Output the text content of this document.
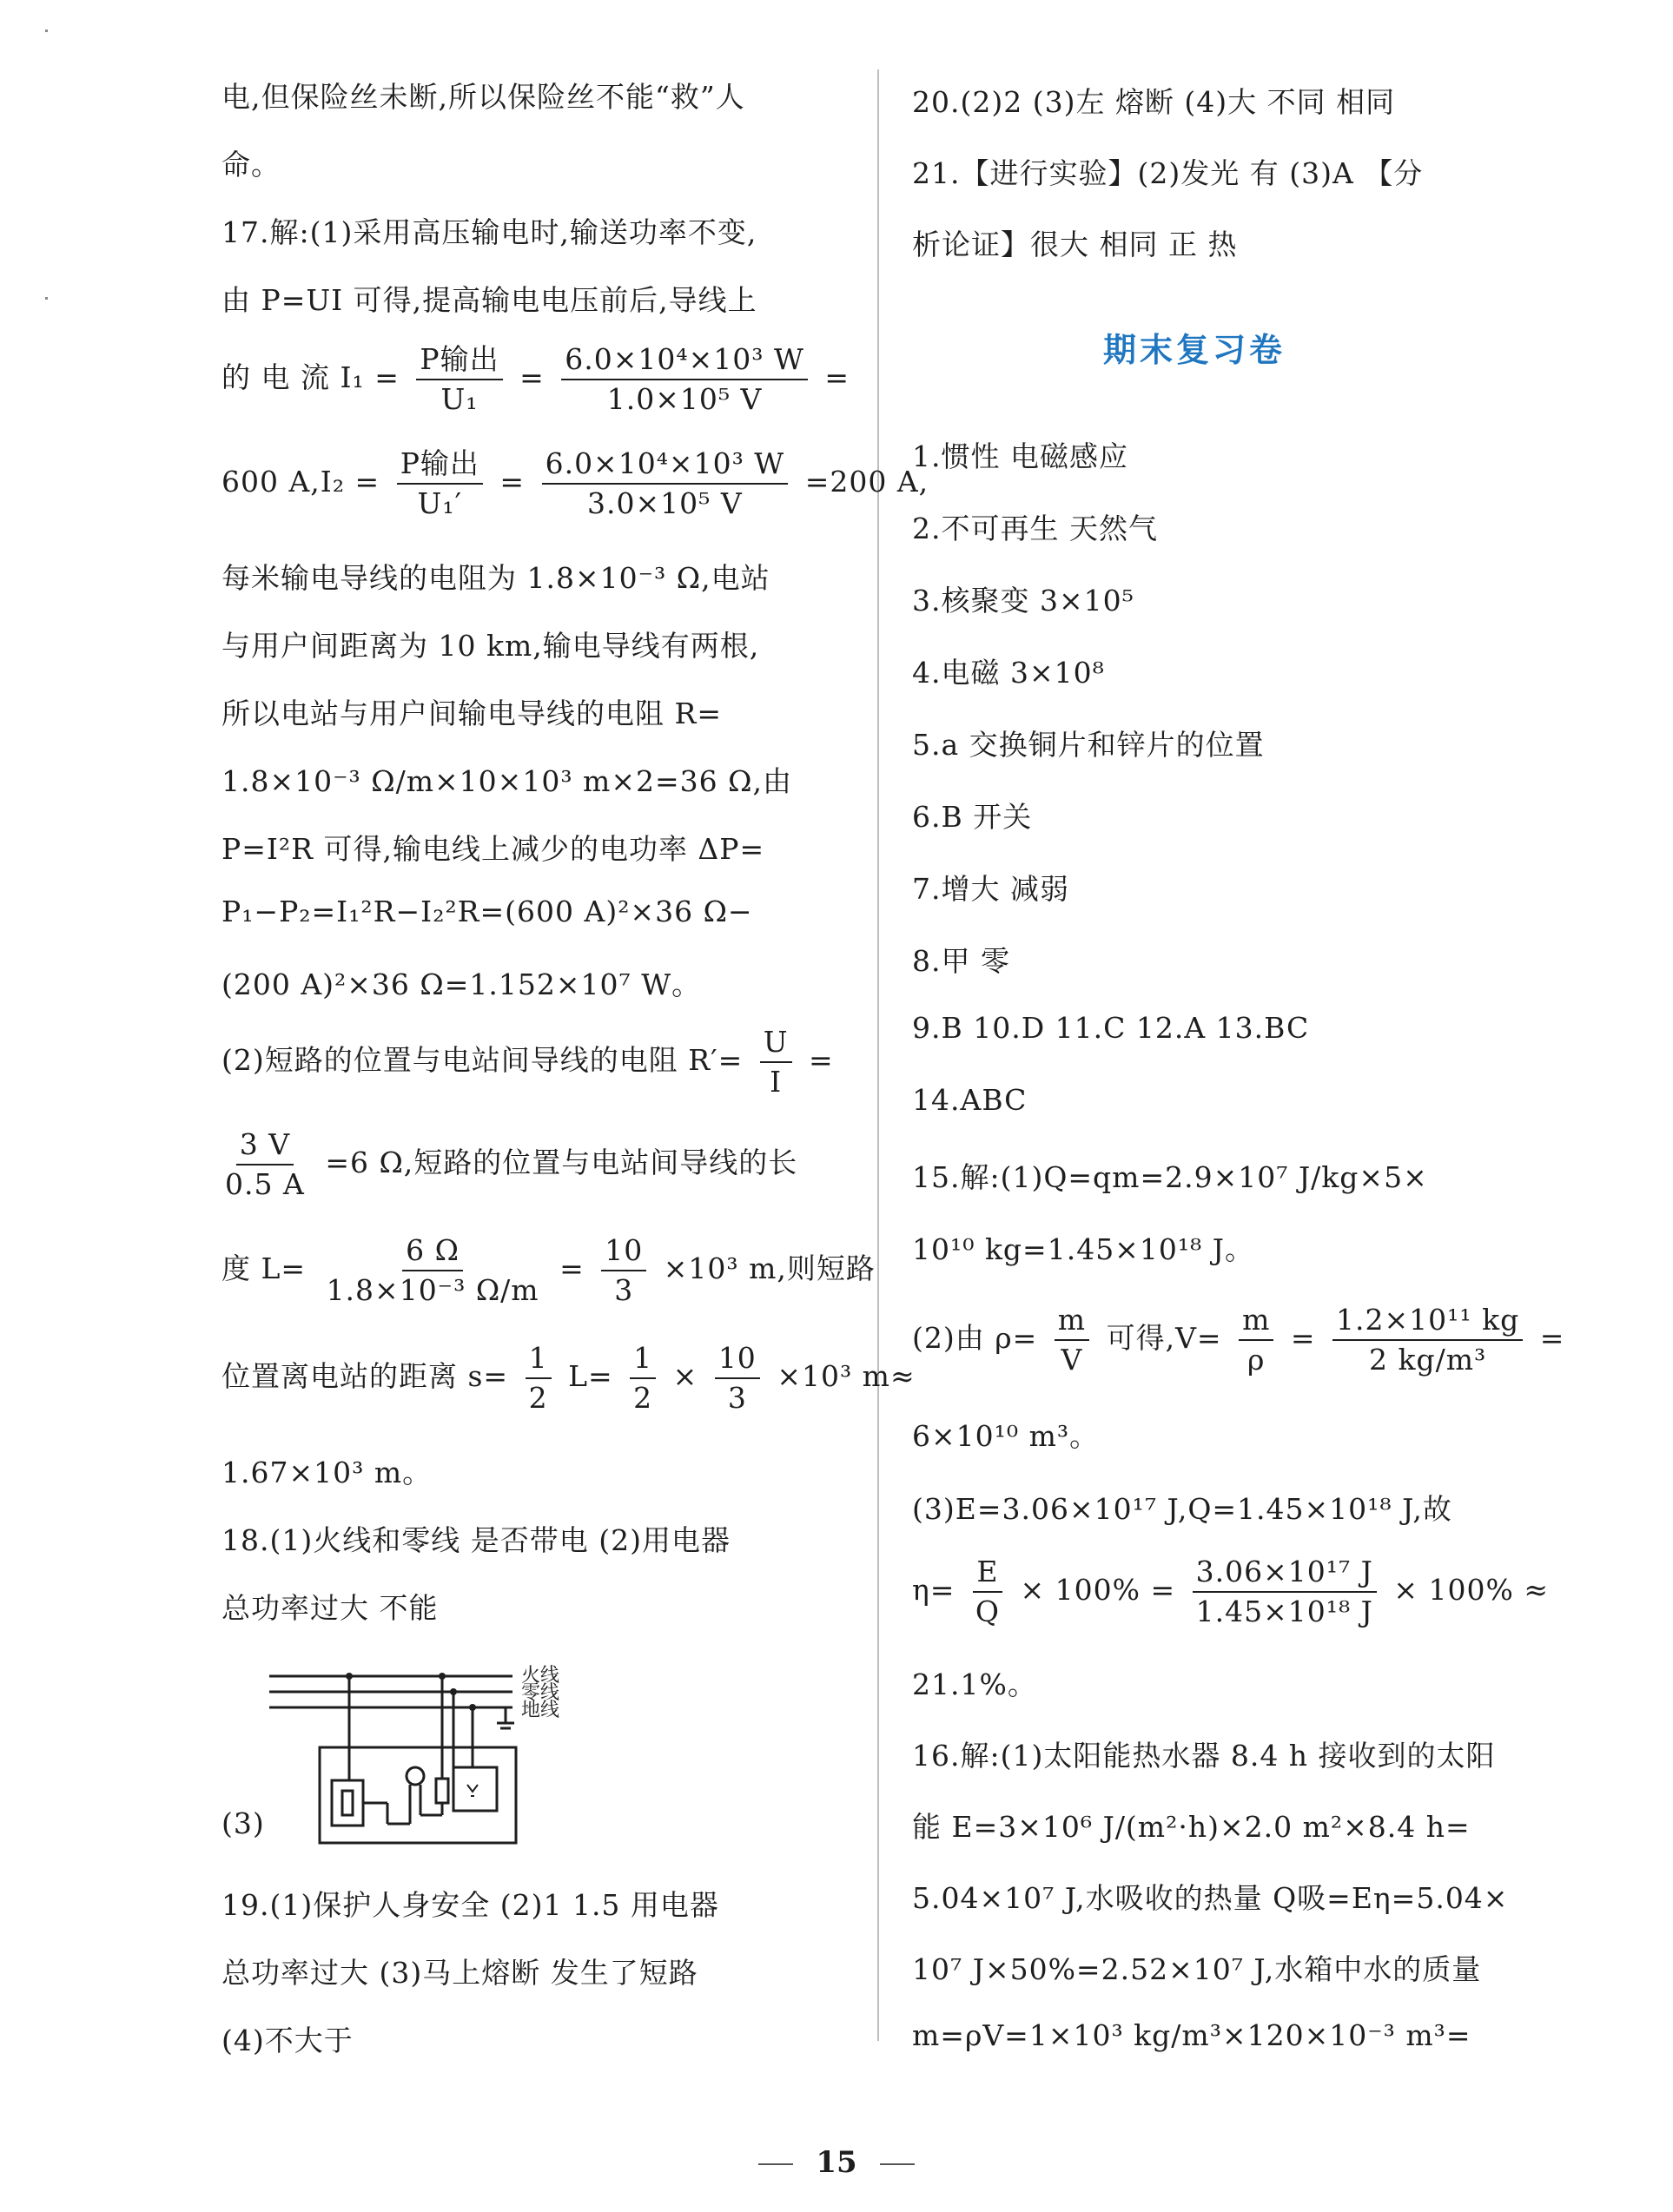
电,但保险丝未断,所以保险丝不能“救”人
命。
17.解:(1)采用高压输电时,输送功率不变,
由 P=UI 可得,提高输电电压前后,导线上
的 电 流 $I_1 = \frac{\text{P输出}}{\text{U₁}} = \frac{\text{6.0×10⁴×10³ W}}{\text{1.0×10⁵ V}}$ =
600 $A,I_2 = \frac{\text{P输出}}{\text{U₁′}} = \frac{\text{6.0×10⁴×10³ W}}{\text{3.0×10⁵ V}} =200$ A,
每米输电导线的电阻为 1.8×10⁻³ Ω,电站
与用户间距离为 10 km,输电导线有两根,
所以电站与用户间输电导线的电阻 R=
1.8×10⁻³ Ω/m×10×10³ m×2=36 Ω,由
P=I²R 可得,输电线上减少的电功率 ΔP=
P₁−P₂=I₁²R−I₂²R=(600 A)²×36 Ω−
(200 A)²×36 Ω=1.152×10⁷ W。
(2)短路的位置与电站间导线的电阻 $R'= \frac{U}{I}$ =
$\frac{3 V}{0.5 A} =6$ Ω,短路的位置与电站间导线的长
度 $L= \frac{6 \Omega}{\text{1.8×10⁻³ Ω/m}} = \frac{10}{3} \times 10^3$ m,则短路
位置离电站的距离 $s= \frac{1}{2} L= \frac{1}{2} \times \frac{10}{3} \times 10^3$ m≈
1.67×10³ m。
18.(1)火线和零线 是否带电 (2)用电器
总功率过大 不能
(3)
19.(1)保护人身安全 (2)1 1.5 用电器
总功率过大 (3)马上熔断 发生了短路
(4)不大于
火线
零线
地线
20.(2)2 (3)左 熔断 (4)大 不同 相同
21.【进行实验】(2)发光 有 (3)A 【分
析论证】很大 相同 正 热
期末复习卷
1.惯性 电磁感应
2.不可再生 天然气
3.核聚变 3×10⁵
4.电磁 3×10⁸
5.a 交换铜片和锌片的位置
6.B 开关
7.增大 减弱
8.甲 零
9.B 10.D 11.C 12.A 13.BC
14.ABC
15.解:(1)Q=qm=2.9×10⁷ J/kg×5×
10¹⁰ kg=1.45×10¹⁸ J。
(2)由 $\rho= \frac{m}{V}$ 可得$,V= \frac{m}{\rho} = \frac{\text{1.2×10¹¹ kg}}{\text{2 kg/m³}}$ =
6×10¹⁰ m³。
(3)E=3.06×10¹⁷ J,Q=1.45×10¹⁸ J,故
$\eta= \frac{E}{Q} \times 100\% = \frac{\text{3.06×10¹⁷ J}}{\text{1.45×10¹⁸ J}} \times 100\%$ ≈
21.1%。
16.解:(1)太阳能热水器 8.4 h 接收到的太阳
能 E=3×10⁶ J/(m²·h)×2.0 m²×8.4 h=
5.04×10⁷ J,水吸收的热量 Q吸=Eη=5.04×
10⁷ J×50%=2.52×10⁷ J,水箱中水的质量
m=ρV=1×10³ kg/m³×120×10⁻³ m³=
15
